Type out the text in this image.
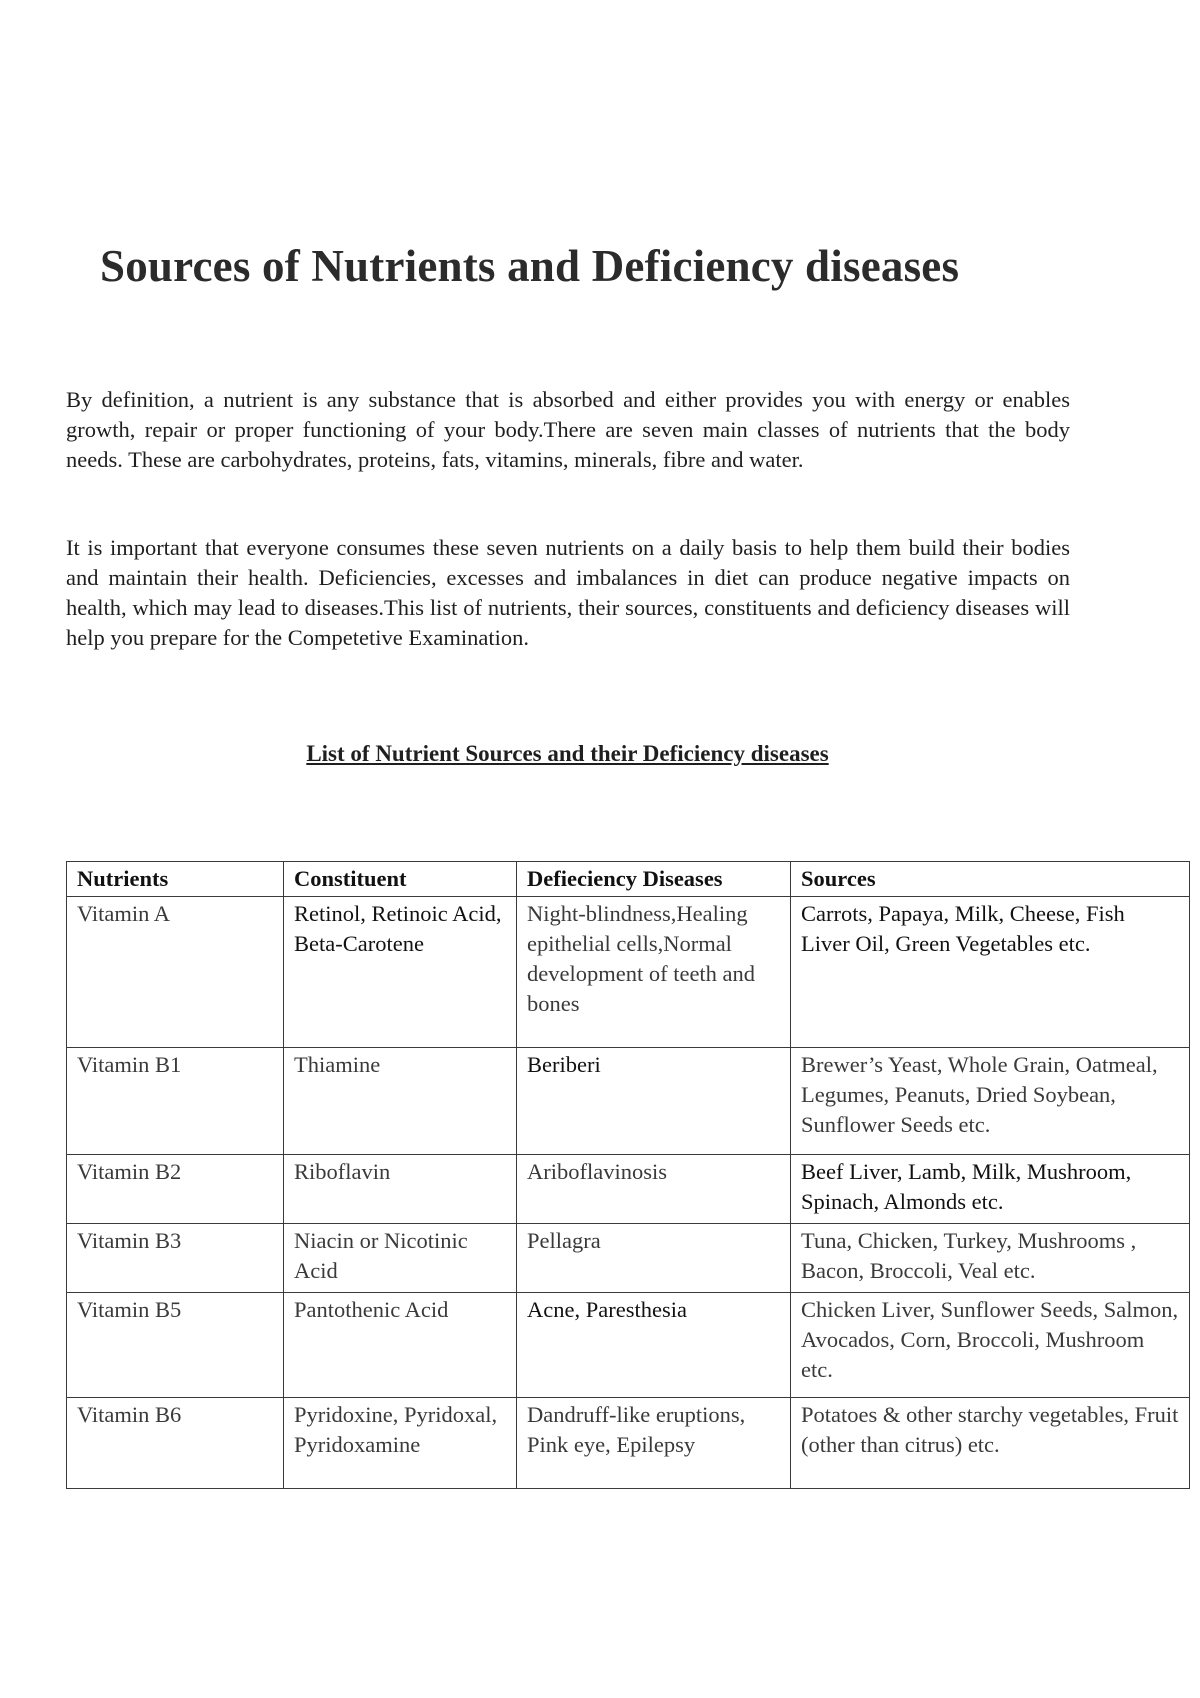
Sources of Nutrients and Deficiency diseases

By definition, a nutrient is any substance that is absorbed and either provides you with energy or enables growth, repair or proper functioning of your body.There are seven main classes of nutrients that the body needs. These are carbohydrates, proteins, fats, vitamins, minerals, fibre and water.

It is important that everyone consumes these seven nutrients on a daily basis to help them build their bodies and maintain their health. Deficiencies, excesses and imbalances in diet can produce negative impacts on health, which may lead to diseases.This list of nutrients, their sources, constituents and deficiency diseases will help you prepare for the Competetive Examination.

List of Nutrient Sources and their Deficiency diseases
Nutrients	Constituent	Defieciency Diseases	Sources
Vitamin A	Retinol, Retinoic Acid, Beta-Carotene	Night-blindness,Healing epithelial cells,Normal development of teeth and bones	Carrots, Papaya, Milk, Cheese, Fish Liver Oil, Green Vegetables etc.
Vitamin B1	Thiamine	Beriberi	Brewer’s Yeast, Whole Grain, Oatmeal, Legumes, Peanuts, Dried Soybean, Sunflower Seeds etc.
Vitamin B2	Riboflavin	Ariboflavinosis	Beef Liver, Lamb, Milk, Mushroom, Spinach, Almonds etc.
Vitamin B3	Niacin or Nicotinic Acid	Pellagra	Tuna, Chicken, Turkey, Mushrooms , Bacon, Broccoli, Veal etc.
Vitamin B5	Pantothenic Acid	Acne, Paresthesia	Chicken Liver, Sunflower Seeds, Salmon, Avocados, Corn, Broccoli, Mushroom etc.
Vitamin B6	Pyridoxine, Pyridoxal, Pyridoxamine	Dandruff-like eruptions, Pink eye, Epilepsy	Potatoes & other starchy vegetables, Fruit (other than citrus) etc.
